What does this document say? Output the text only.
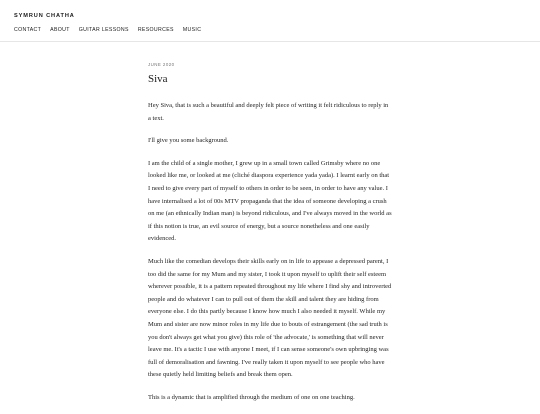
SYMRUN CHATHA
CONTACT ABOUT GUITAR LESSONS RESOURCES MUSIC
JUNE 2020
Siva

Hey Siva, that is such a beautiful and deeply felt piece of writing it felt ridiculous to reply in a text.

I'll give you some background.

I am the child of a single mother, I grew up in a small town called Grimsby where no one looked like me, or looked at me (cliché diaspora experience yada yada). I learnt early on that I need to give every part of myself to others in order to be seen, in order to have any value. I have internalised a lot of 00s MTV propaganda that the idea of someone developing a crush on me (an ethnically Indian man) is beyond ridiculous, and I've always moved in the world as if this notion is true, an evil source of energy, but a source nonetheless and one easily evidenced.

Much like the comedian develops their skills early on in life to appease a depressed parent, I too did the same for my Mum and my sister, I took it upon myself to uplift their self esteem wherever possible, it is a pattern repeated throughout my life where I find shy and introverted people and do whatever I can to pull out of them the skill and talent they are hiding from everyone else. I do this partly because I know how much I also needed it myself. While my Mum and sister are now minor roles in my life due to bouts of estrangement (the sad truth is you don't always get what you give) this role of 'the advocate,' is something that will never leave me. It's a tactic I use with anyone I meet, if I can sense someone's own upbringing was full of demoralisation and fawning. I've really taken it upon myself to see people who have these quietly held limiting beliefs and break them open.

This is a dynamic that is amplified through the medium of one on one teaching.
